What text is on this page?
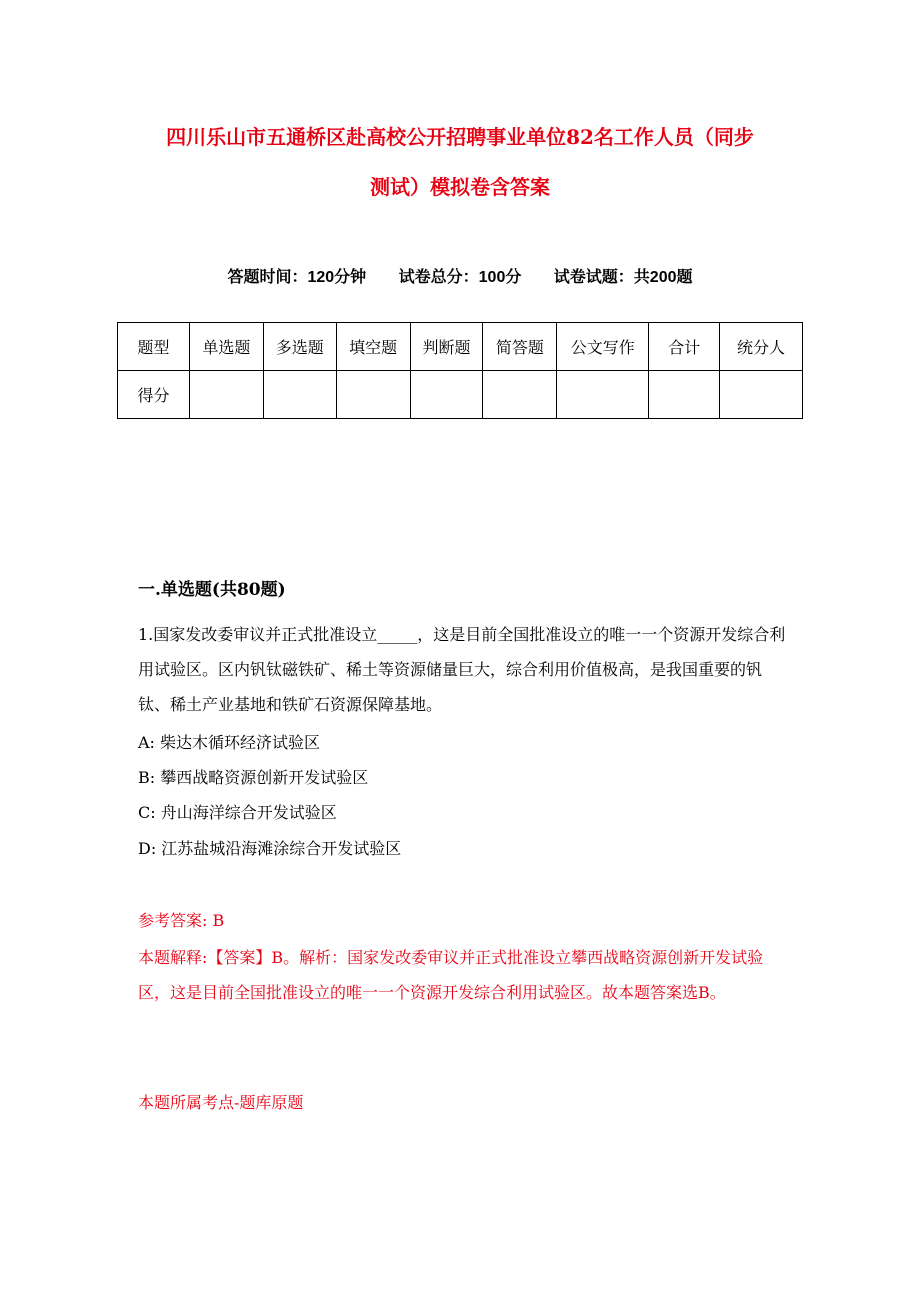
四川乐山市五通桥区赴高校公开招聘事业单位82名工作人员（同步
测试）模拟卷含答案
答题时间：120分钟 试卷总分：100分 试卷试题：共200题
题型	单选题	多选题	填空题	判断题	简答题	公文写作	合计	统分人
得分								
一.单选题(共80题)
1.国家发改委审议并正式批准设立_____，这是目前全国批准设立的唯一一个资源开发综合利用试验区。区内钒钛磁铁矿、稀土等资源储量巨大，综合利用价值极高，是我国重要的钒钛、稀土产业基地和铁矿石资源保障基地。
A: 柴达木循环经济试验区
B: 攀西战略资源创新开发试验区
C: 舟山海洋综合开发试验区
D: 江苏盐城沿海滩涂综合开发试验区
参考答案: B
本题解释:【答案】B。解析：国家发改委审议并正式批准设立攀西战略资源创新开发试验区，这是目前全国批准设立的唯一一个资源开发综合利用试验区。故本题答案选B。
本题所属考点-题库原题
